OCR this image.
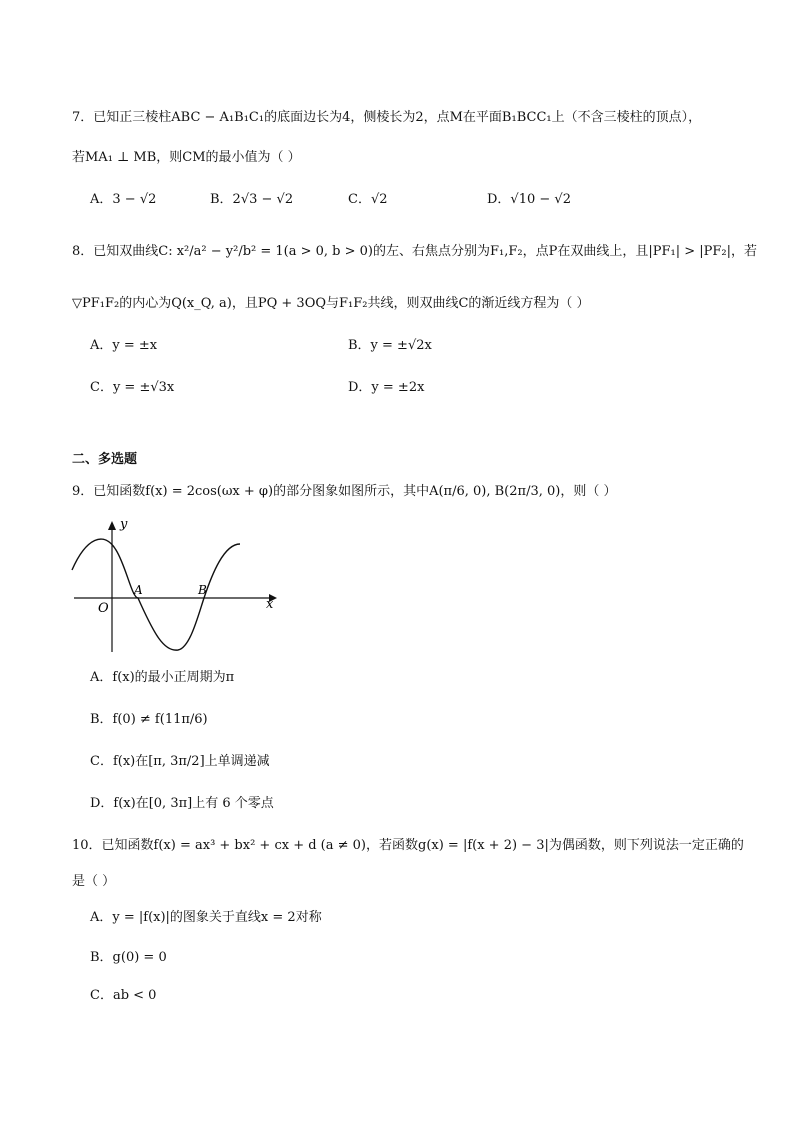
7．已知正三棱柱ABC − A₁B₁C₁的底面边长为4，侧棱长为2，点M在平面B₁BCC₁上（不含三棱柱的顶点），
若MA₁ ⊥ MB，则CM的最小值为（ ）
A．3 − √2	B．2√3 − √2	C．√2	D．√10 − √2
8．已知双曲线C: x²/a² − y²/b² = 1(a > 0, b > 0)的左、右焦点分别为F₁,F₂，点P在双曲线上，且|PF₁| > |PF₂|，若
▽PF₁F₂的内心为Q(x_Q, a)，且PQ + 3OQ与F₁F₂共线，则双曲线C的渐近线方程为（ ）
A．y = ±x	B．y = ±√2x
C．y = ±√3x	D．y = ±2x
二、多选题
9．已知函数f(x) = 2cos(ωx + φ)的部分图象如图所示，其中A(π/6, 0), B(2π/3, 0)，则（ ）
y
x
O
A	B
A．f(x)的最小正周期为π
B．f(0) ≠ f(11π/6)
C．f(x)在[π, 3π/2]上单调递减
D．f(x)在[0, 3π]上有 6 个零点
10．已知函数f(x) = ax³ + bx² + cx + d (a ≠ 0)，若函数g(x) = |f(x + 2) − 3|为偶函数，则下列说法一定正确的
是（ ）
A．y = |f(x)|的图象关于直线x = 2对称
B．g(0) = 0
C．ab < 0
